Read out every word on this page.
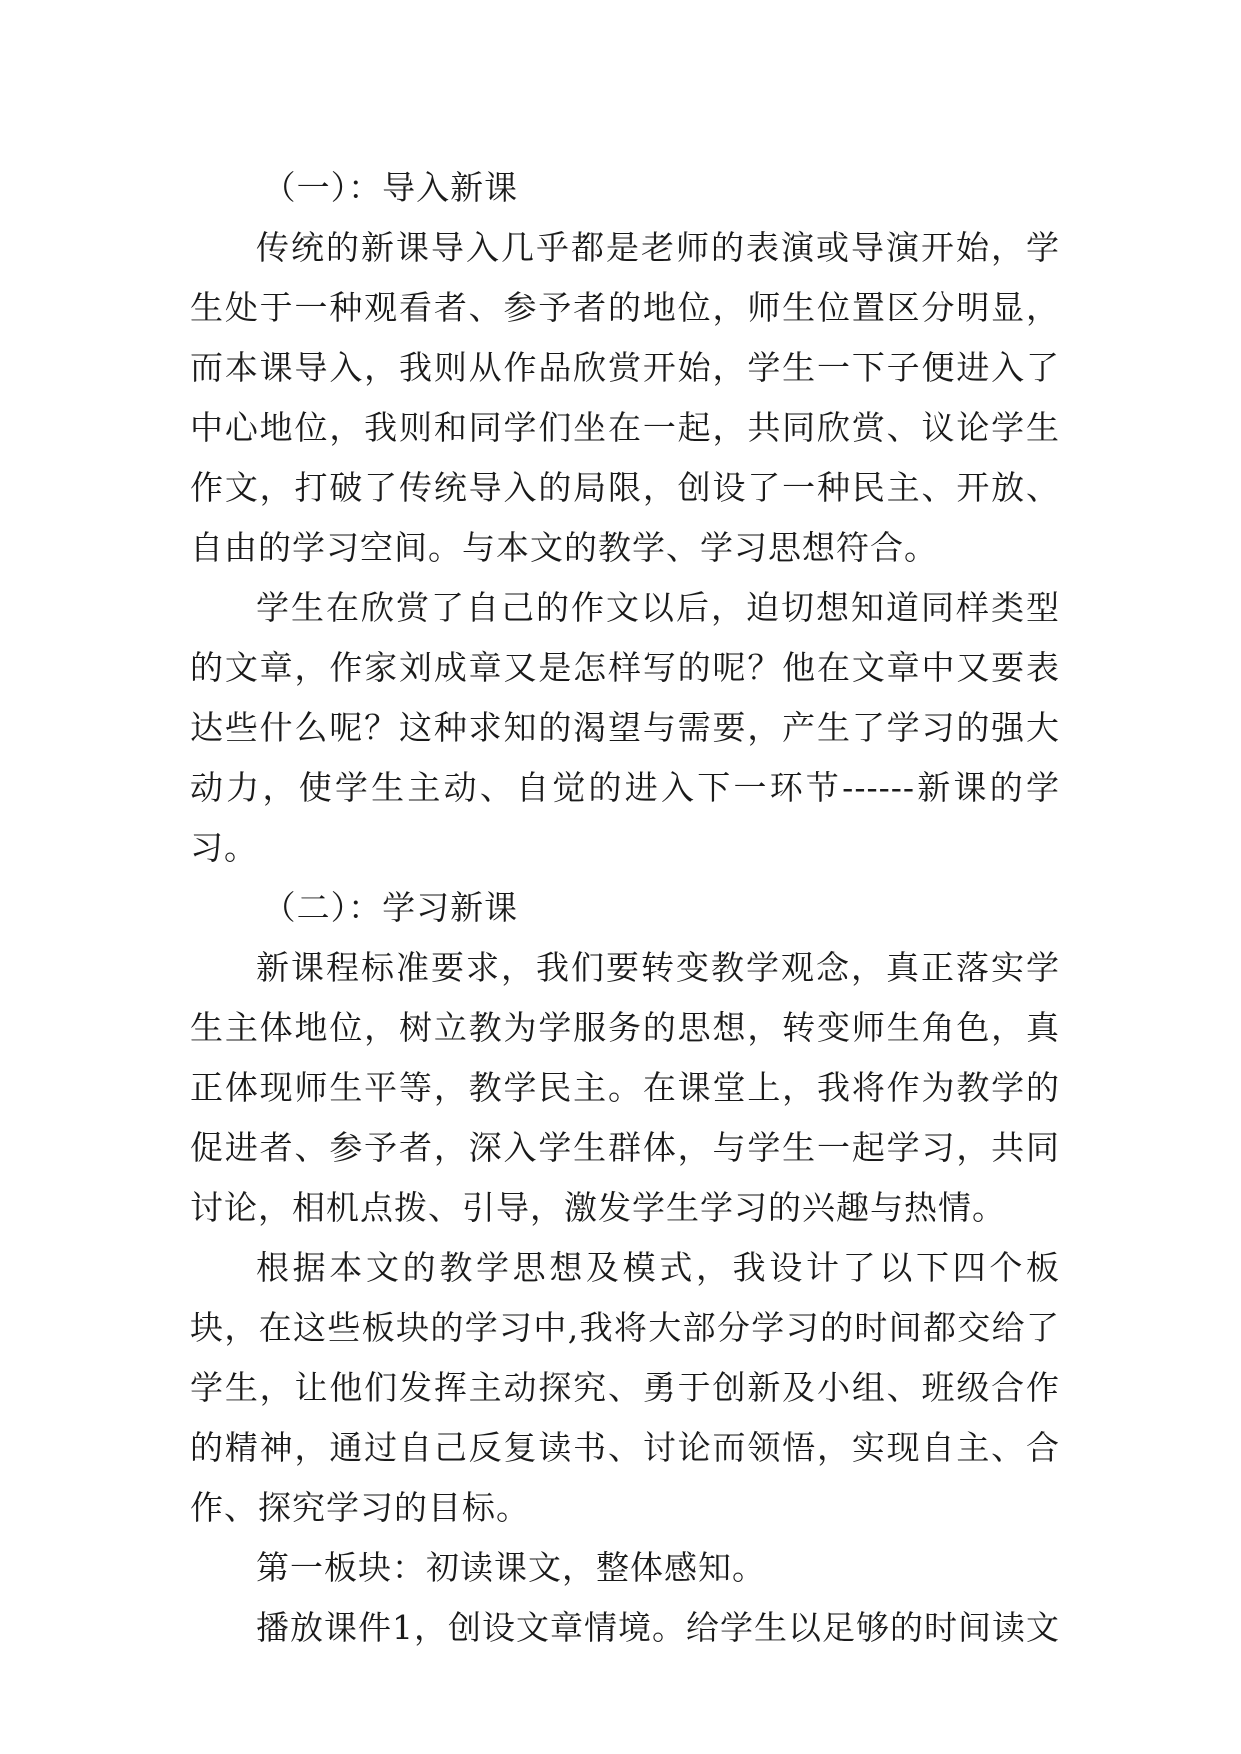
（一）：导入新课

传统的新课导入几乎都是老师的表演或导演开始，学生处于一种观看者、参予者的地位，师生位置区分明显，而本课导入，我则从作品欣赏开始，学生一下子便进入了中心地位，我则和同学们坐在一起，共同欣赏、议论学生作文，打破了传统导入的局限，创设了一种民主、开放、自由的学习空间。与本文的教学、学习思想符合。

学生在欣赏了自己的作文以后，迫切想知道同样类型的文章，作家刘成章又是怎样写的呢？他在文章中又要表达些什么呢？这种求知的渴望与需要，产生了学习的强大动力，使学生主动、自觉的进入下一环节------新课的学习。

（二）：学习新课

新课程标准要求，我们要转变教学观念，真正落实学生主体地位，树立教为学服务的思想，转变师生角色，真正体现师生平等，教学民主。在课堂上，我将作为教学的促进者、参予者，深入学生群体，与学生一起学习，共同讨论，相机点拨、引导，激发学生学习的兴趣与热情。

根据本文的教学思想及模式，我设计了以下四个板块，在这些板块的学习中,我将大部分学习的时间都交给了学生，让他们发挥主动探究、勇于创新及小组、班级合作的精神，通过自己反复读书、讨论而领悟，实现自主、合作、探究学习的目标。

第一板块：初读课文，整体感知。

播放课件1，创设文章情境。给学生以足够的时间读文
